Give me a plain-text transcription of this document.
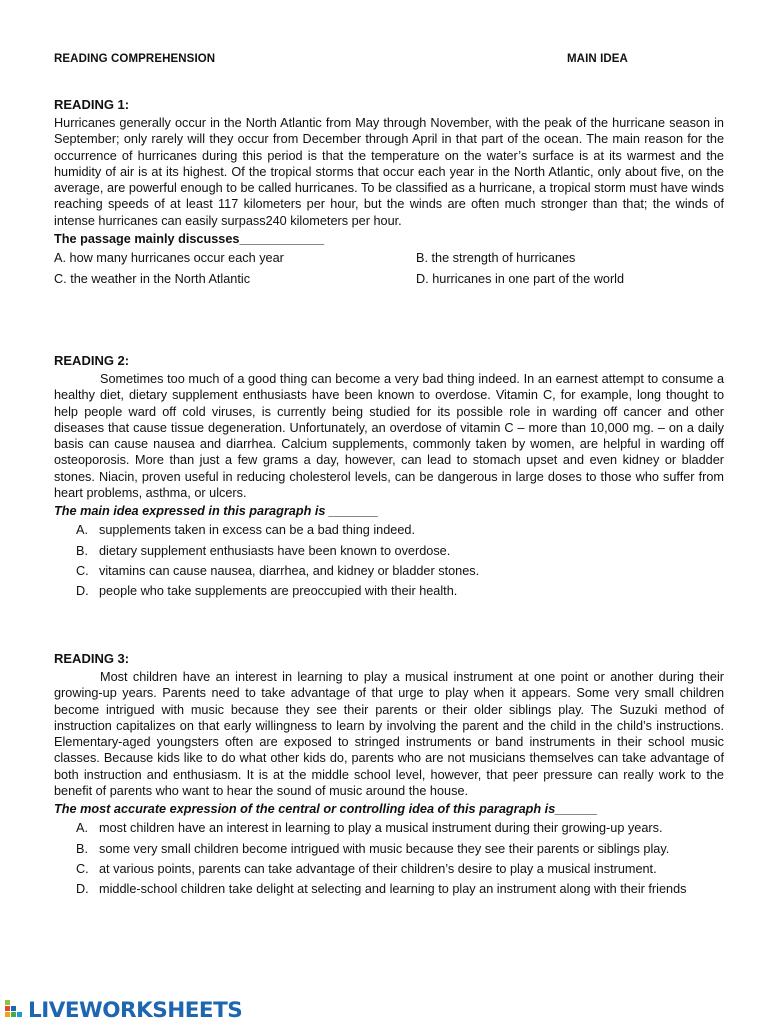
READING COMPREHENSION	MAIN IDEA
READING 1:

Hurricanes generally occur in the North Atlantic from May through November, with the peak of the hurricane season in September; only rarely will they occur from December through April in that part of the ocean. The main reason for the occurrence of hurricanes during this period is that the temperature on the water’s surface is at its warmest and the humidity of air is at its highest. Of the tropical storms that occur each year in the North Atlantic, only about five, on the average, are powerful enough to be called hurricanes. To be classified as a hurricane, a tropical storm must have winds reaching speeds of at least 117 kilometers per hour, but the winds are often much stronger than that; the winds of intense hurricanes can easily surpass240 kilometers per hour.

The passage mainly discusses____________
A. how many hurricanes occur each year	B. the strength of hurricanes
C. the weather in the North Atlantic	D. hurricanes in one part of the world
READING 2:

Sometimes too much of a good thing can become a very bad thing indeed. In an earnest attempt to consume a healthy diet, dietary supplement enthusiasts have been known to overdose. Vitamin C, for example, long thought to help people ward off cold viruses, is currently being studied for its possible role in warding off cancer and other diseases that cause tissue degeneration. Unfortunately, an overdose of vitamin C – more than 10,000 mg. – on a daily basis can cause nausea and diarrhea. Calcium supplements, commonly taken by women, are helpful in warding off osteoporosis. More than just a few grams a day, however, can lead to stomach upset and even kidney or bladder stones. Niacin, proven useful in reducing cholesterol levels, can be dangerous in large doses to those who suffer from heart problems, asthma, or ulcers.

The main idea expressed in this paragraph is _______
A. supplements taken in excess can be a bad thing indeed.
B. dietary supplement enthusiasts have been known to overdose.
C. vitamins can cause nausea, diarrhea, and kidney or bladder stones.
D. people who take supplements are preoccupied with their health.
READING 3:

Most children have an interest in learning to play a musical instrument at one point or another during their growing-up years. Parents need to take advantage of that urge to play when it appears. Some very small children become intrigued with music because they see their parents or their older siblings play. The Suzuki method of instruction capitalizes on that early willingness to learn by involving the parent and the child in the child’s instructions. Elementary-aged youngsters often are exposed to stringed instruments or band instruments in their school music classes. Because kids like to do what other kids do, parents who are not musicians themselves can take advantage of both instruction and enthusiasm. It is at the middle school level, however, that peer pressure can really work to the benefit of parents who want to hear the sound of music around the house.

The most accurate expression of the central or controlling idea of this paragraph is______
A. most children have an interest in learning to play a musical instrument during their growing-up years.
B. some very small children become intrigued with music because they see their parents or siblings play.
C. at various points, parents can take advantage of their children’s desire to play a musical instrument.
D. middle-school children take delight at selecting and learning to play an instrument along with their friends
LIVEWORKSHEETS
